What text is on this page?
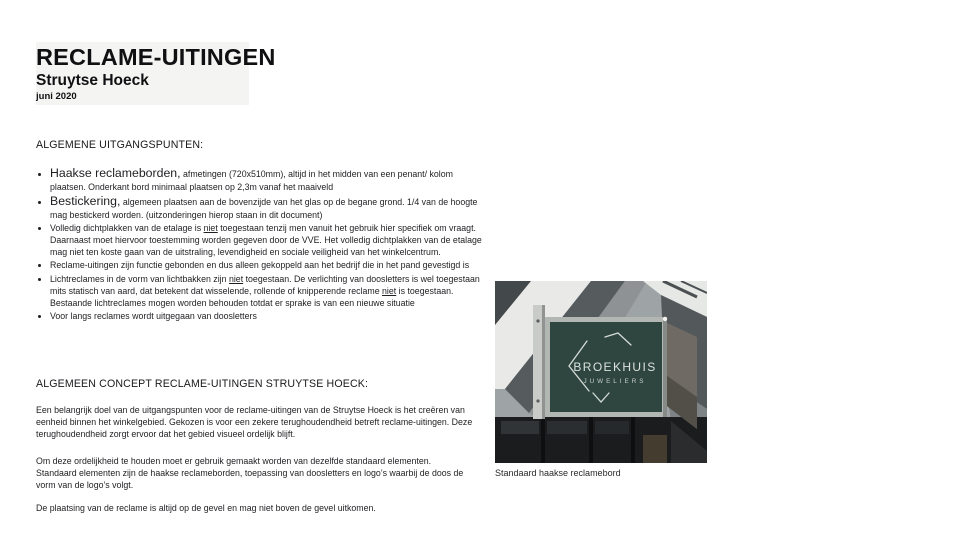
RECLAME-UITINGEN
Struytse Hoeck
juni 2020
ALGEMENE UITGANGSPUNTEN:
• Haakse reclameborden, afmetingen (720x510mm), altijd in het midden van een penant/ kolom plaatsen. Onderkant bord minimaal plaatsen op 2,3m vanaf het maaiveld
• Bestickering, algemeen plaatsen aan de bovenzijde van het glas op de begane grond. 1/4 van de hoogte mag bestickerd worden. (uitzonderingen hierop staan in dit document)
• Volledig dichtplakken van de etalage is niet toegestaan tenzij men vanuit het gebruik hier specifiek om vraagt. Daarnaast moet hiervoor toestemming worden gegeven door de VVE. Het volledig dichtplakken van de etalage mag niet ten koste gaan van de uitstraling, levendigheid en sociale veiligheid van het winkelcentrum.
• Reclame-uitingen zijn functie gebonden en dus alleen gekoppeld aan het bedrijf die in het pand gevestigd is
• Lichtreclames in de vorm van lichtbakken zijn niet toegestaan. De verlichting van doosletters is wel toegestaan mits statisch van aard, dat betekent dat wisselende, rollende of knipperende reclame niet is toegestaan. Bestaande lichtreclames mogen worden behouden totdat er sprake is van een nieuwe situatie
• Voor langs reclames wordt uitgegaan van doosletters
ALGEMEEN CONCEPT RECLAME-UITINGEN STRUYTSE HOECK:
Een belangrijk doel van de uitgangspunten voor de reclame-uitingen van de Struytse Hoeck is het creëren van eenheid binnen het winkelgebied. Gekozen is voor een zekere terughoudendheid betreft reclame-uitingen. Deze terughoudendheid zorgt ervoor dat het gebied visueel ordelijk blijft.
Om deze ordelijkheid te houden moet er gebruik gemaakt worden van dezelfde standaard elementen. Standaard elementen zijn de haakse reclameborden, toepassing van doosletters en logo’s waarbij de doos de vorm van de logo’s volgt.
De plaatsing van de reclame is altijd op de gevel en mag niet boven de gevel uitkomen.
BROEKHUIS
JUWELIERS
Standaard haakse reclamebord
